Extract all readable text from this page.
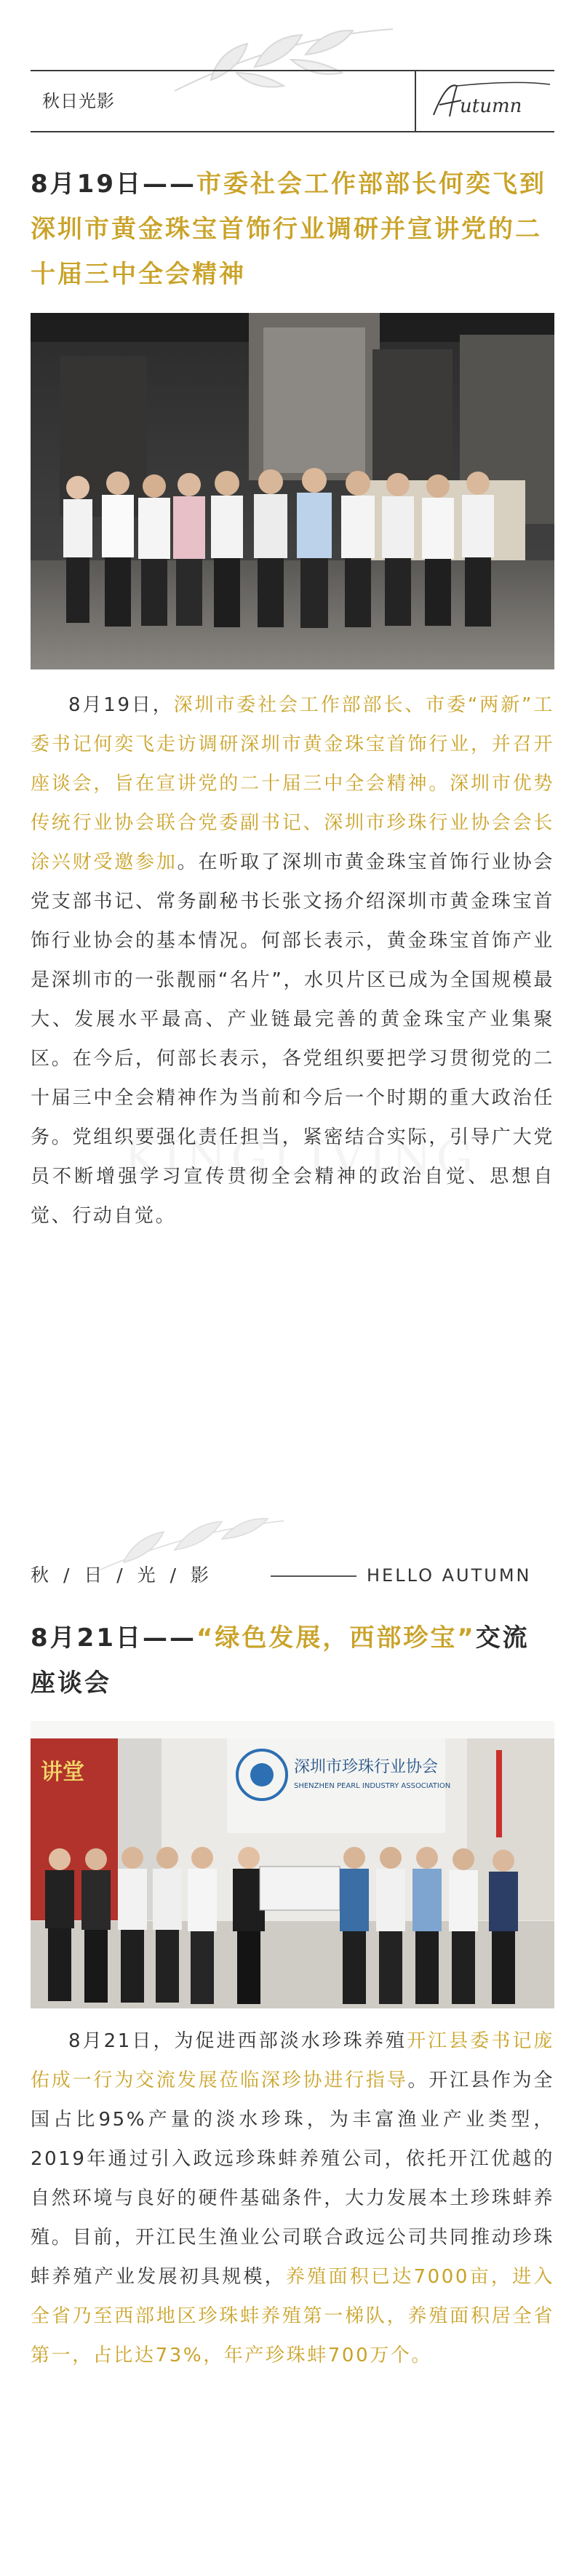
秋日光影	utumn
8月19日——市委社会工作部部长何奕飞到深圳市黄金珠宝首饰行业调研并宣讲党的二十届三中全会精神
8月19日，深圳市委社会工作部部长、市委“两新”工委书记何奕飞走访调研深圳市黄金珠宝首饰行业，并召开座谈会，旨在宣讲党的二十届三中全会精神。深圳市优势传统行业协会联合党委副书记、深圳市珍珠行业协会会长涂兴财受邀参加。在听取了深圳市黄金珠宝首饰行业协会党支部书记、常务副秘书长张文扬介绍深圳市黄金珠宝首饰行业协会的基本情况。何部长表示，黄金珠宝首饰产业是深圳市的一张靓丽“名片”，水贝片区已成为全国规模最大、发展水平最高、产业链最完善的黄金珠宝产业集聚区。在今后，何部长表示，各党组织要把学习贯彻党的二十届三中全会精神作为当前和今后一个时期的重大政治任务。党组织要强化责任担当，紧密结合实际，引导广大党员不断增强学习宣传贯彻全会精神的政治自觉、思想自觉、行动自觉。
秋 / 日 / 光 / 影	HELLO AUTUMN
8月21日——“绿色发展，西部珍宝”交流座谈会
讲堂	深圳市珍珠行业协会
SHENZHEN PEARL INDUSTRY ASSOCIATION
8月21日，为促进西部淡水珍珠养殖开江县委书记庞佑成一行为交流发展莅临深珍协进行指导。开江县作为全国占比95%产量的淡水珍珠，为丰富渔业产业类型，2019年通过引入政远珍珠蚌养殖公司，依托开江优越的自然环境与良好的硬件基础条件，大力发展本土珍珠蚌养殖。目前，开江民生渔业公司联合政远公司共同推动珍珠蚌养殖产业发展初具规模，养殖面积已达7000亩，进入全省乃至西部地区珍珠蚌养殖第一梯队，养殖面积居全省第一，占比达73%，年产珍珠蚌700万个。
